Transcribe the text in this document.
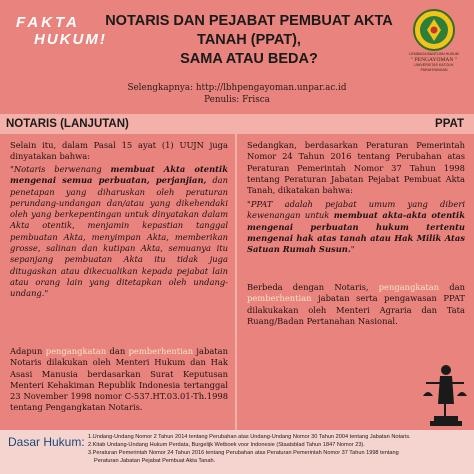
FAKTA
HUKUM!
NOTARIS DAN PEJABAT PEMBUAT AKTA
TANAH (PPAT),
SAMA ATAU BEDA?	LEMBAGA BANTUAN HUKUM
" PENGAYOMAN "
UNIVERSITAS KATOLIK PARAHYANGAN
Selengkapnya: http://lbhpengayoman.unpar.ac.id
Penulis: Frisca
NOTARIS (LANJUTAN)	PPAT
Selain itu, dalam Pasal 15 ayat (1) UUJN juga dinyatakan bahwa:
"Notaris berwenang membuat Akta otentik mengenai semua perbuatan, perjanjian, dan penetapan yang diharuskan oleh peraturan perundang-undangan dan/atau yang dikehendaki oleh yang berkepentingan untuk dinyatakan dalam Akta otentik, menjamin kepastian tanggal pembuatan Akta, menyimpan Akta, memberikan grosse, salinan dan kutipan Akta, semuanya itu sepanjang pembuatan Akta itu tidak juga ditugaskan atau dikecualikan kepada pejabat lain atau orang lain yang ditetapkan oleh undang-undang."
Adapun pengangkatan dan pemberhentian jabatan Notaris dilakukan oleh Menteri Hukum dan Hak Asasi Manusia berdasarkan Surat Keputusan Menteri Kehakiman Republik Indonesia tertanggal 23 November 1998 nomor C-537.HT.03.01-Th.1998 tentang Pengangkatan Notaris.
Sedangkan, berdasarkan Peraturan Pemerintah Nomor 24 Tahun 2016 tentang Perubahan atas Peraturan Pemerintah Nomor 37 Tahun 1998 tentang Peraturan Jabatan Pejabat Pembuat Akta Tanah, dikatakan bahwa:
"PPAT adalah pejabat umum yang diberi kewenangan untuk membuat akta-akta otentik mengenai perbuatan hukum tertentu mengenai hak atas tanah atau Hak Milik Atas Satuan Rumah Susun."
Berbeda dengan Notaris, pengangkatan dan pemberhentian jabatan serta pengawasan PPAT dilakukakan oleh Menteri Agraria dan Tata Ruang/Badan Pertanahan Nasional.
Dasar Hukum: 1.Undang-Undang Nomor 2 Tahun 2014 tentang Perubahan atas Undang-Undang Nomor 30 Tahun 2004 tentang Jabatan Notaris.
2.Kitab Undang-Undang Hukum Perdata, Burgelijk Wetboek voor Indonesie (Staatsblad Tahun 1847 Nomor 23).
3.Peraturan Pemerintah Nomor 24 Tahun 2016 tentang Perubahan atas Peraturan Pemerintah Nomor 37 Tahun 1998 tentang
Peraturan Jabatan Pejabat Pembuat Akta Tanah.
